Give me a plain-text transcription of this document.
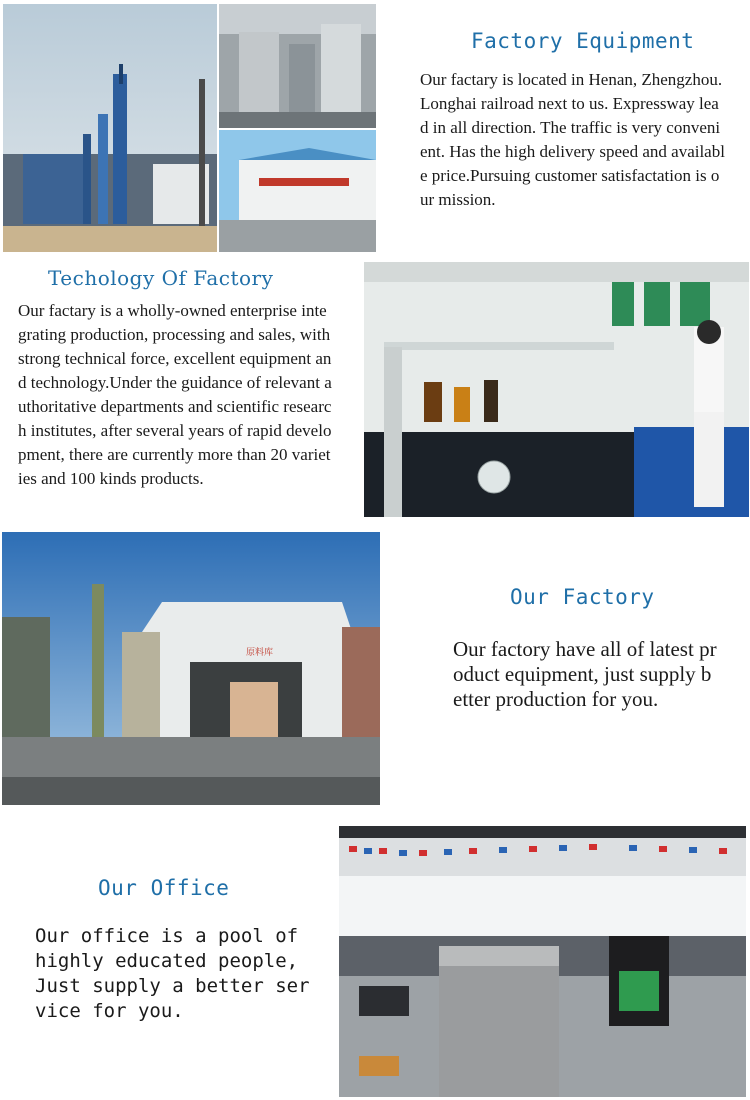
Factory Equipment

Our factary is located in Henan, Zhengzhou. Longhai railroad next to us. Expressway lead in all direction. The traffic is very convenient. Has the high delivery speed and available price.Pursuing customer satisfactation is our mission.

Techology Of Factory

Our factary is a wholly-owned enterprise integrating production, processing and sales, with strong technical force, excellent equipment and technology.Under the guidance of relevant authoritative departments and scientific research institutes, after several years of rapid development, there are currently more than 20 varieties and 100 kinds products.

原料库
Our Factory

Our factory have all of latest product equipment, just supply better production for you.

Our Office

Our office is a pool of highly educated people, Just supply a better service for you.
